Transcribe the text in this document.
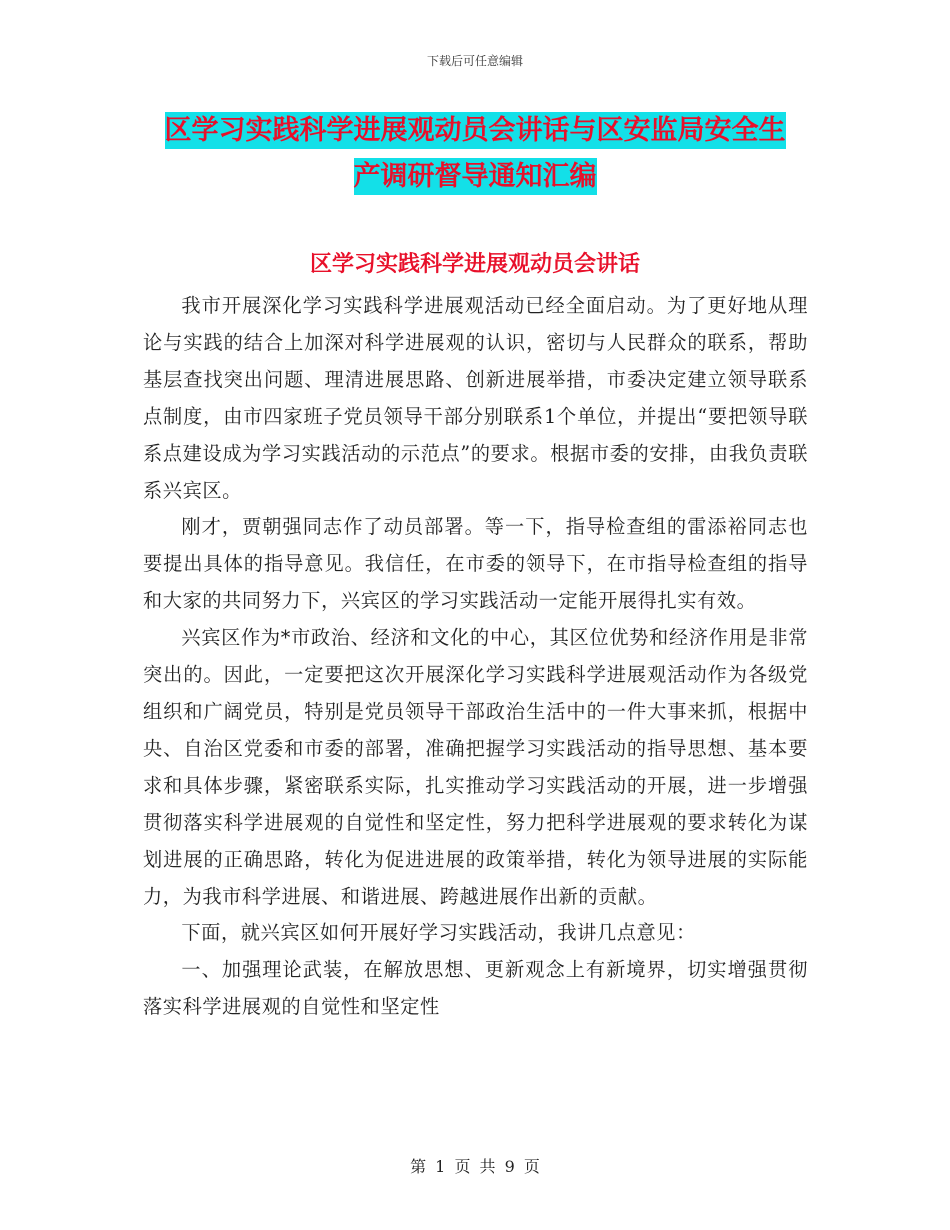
下载后可任意编辑
区学习实践科学进展观动员会讲话与区安监局安全生
产调研督导通知汇编
区学习实践科学进展观动员会讲话

我市开展深化学习实践科学进展观活动已经全面启动。为了更好地从理论与实践的结合上加深对科学进展观的认识，密切与人民群众的联系，帮助基层查找突出问题、理清进展思路、创新进展举措，市委决定建立领导联系点制度，由市四家班子党员领导干部分别联系1个单位，并提出“要把领导联系点建设成为学习实践活动的示范点”的要求。根据市委的安排，由我负责联系兴宾区。

刚才，贾朝强同志作了动员部署。等一下，指导检查组的雷添裕同志也要提出具体的指导意见。我信任，在市委的领导下，在市指导检查组的指导和大家的共同努力下，兴宾区的学习实践活动一定能开展得扎实有效。

兴宾区作为*市政治、经济和文化的中心，其区位优势和经济作用是非常突出的。因此，一定要把这次开展深化学习实践科学进展观活动作为各级党组织和广阔党员，特别是党员领导干部政治生活中的一件大事来抓，根据中央、自治区党委和市委的部署，准确把握学习实践活动的指导思想、基本要求和具体步骤，紧密联系实际，扎实推动学习实践活动的开展，进一步增强贯彻落实科学进展观的自觉性和坚定性，努力把科学进展观的要求转化为谋划进展的正确思路，转化为促进进展的政策举措，转化为领导进展的实际能力，为我市科学进展、和谐进展、跨越进展作出新的贡献。

下面，就兴宾区如何开展好学习实践活动，我讲几点意见：

一、加强理论武装，在解放思想、更新观念上有新境界，切实增强贯彻落实科学进展观的自觉性和坚定性

第 1 页 共 9 页
